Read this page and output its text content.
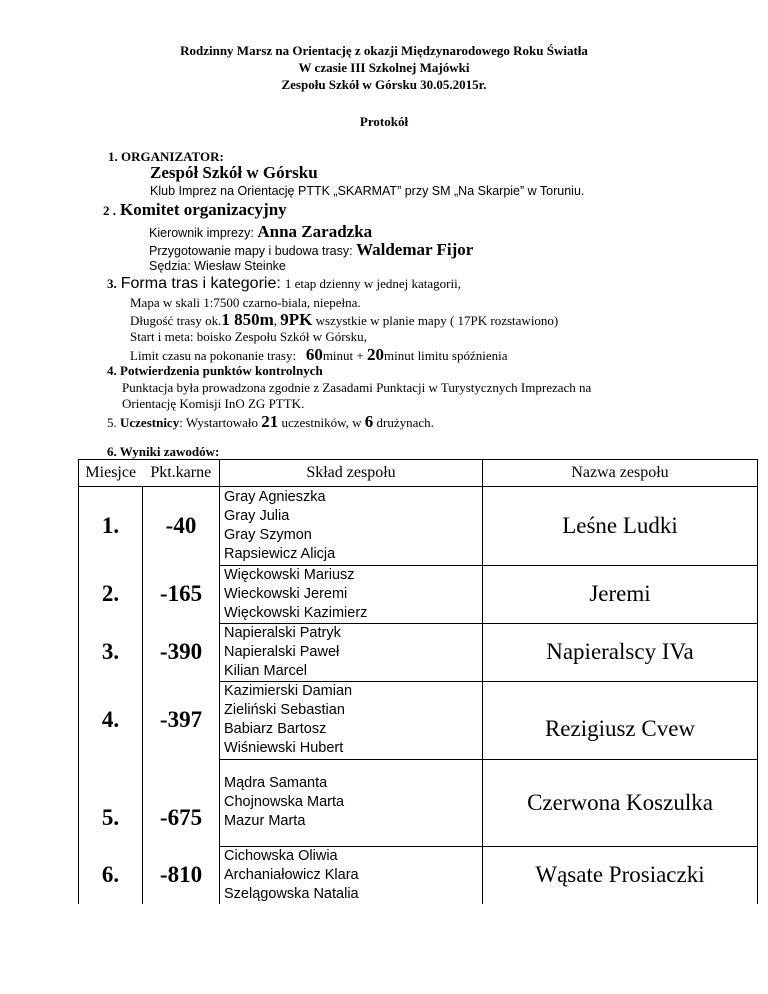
Rodzinny Marsz na Orientację z okazji Międzynarodowego Roku Światła
W czasie III Szkolnej Majówki
Zespołu Szkół w Górsku 30.05.2015r.
Protokół
1. ORGANIZATOR:
Zespół Szkół w Górsku
Klub Imprez na Orientację PTTK „SKARMAT” przy SM „Na Skarpie” w Toruniu.
2 . Komitet organizacyjny
Kierownik imprezy: Anna Zaradzka
Przygotowanie mapy i budowa trasy: Waldemar Fijor
Sędzia: Wiesław Steinke
3. Forma tras i kategorie: 1 etap dzienny w jednej katagorii,
Mapa w skali 1:7500 czarno-biala, niepełna.
Długość trasy ok.1 850m, 9PK wszystkie w planie mapy ( 17PK rozstawiono)
Start i meta: boisko Zespołu Szkół w Górsku,
Limit czasu na pokonanie trasy: 60minut + 20minut limitu spóźnienia
4. Potwierdzenia punktów kontrolnych
Punktacja była prowadzona zgodnie z Zasadami Punktacji w Turystycznych Imprezach na
Orientację Komisji InO ZG PTTK.
5. Uczestnicy: Wystartowało 21 uczestników, w 6 drużynach.
6. Wyniki zawodów:
Miesjce	Pkt.karne	Skład zespołu	Nazwa zespołu
1.	-40	Gray Agnieszka
Gray Julia
Gray Szymon
Rapsiewicz Alicja	Leśne Ludki
2.	-165	Więckowski Mariusz
Wieckowski Jeremi
Więckowski Kazimierz	Jeremi
3.	-390	Napieralski Patryk
Napieralski Paweł
Kilian Marcel	Napieralscy IVa
4.	-397	Kazimierski Damian
Zieliński Sebastian
Babiarz Bartosz
Wiśniewski Hubert	Rezigiusz Cvew
5.	-675	Mądra Samanta
Chojnowska Marta
Mazur Marta	Czerwona Koszulka
6.	-810	Cichowska Oliwia
Archaniałowicz Klara
Szelągowska Natalia	Wąsate Prosiaczki
